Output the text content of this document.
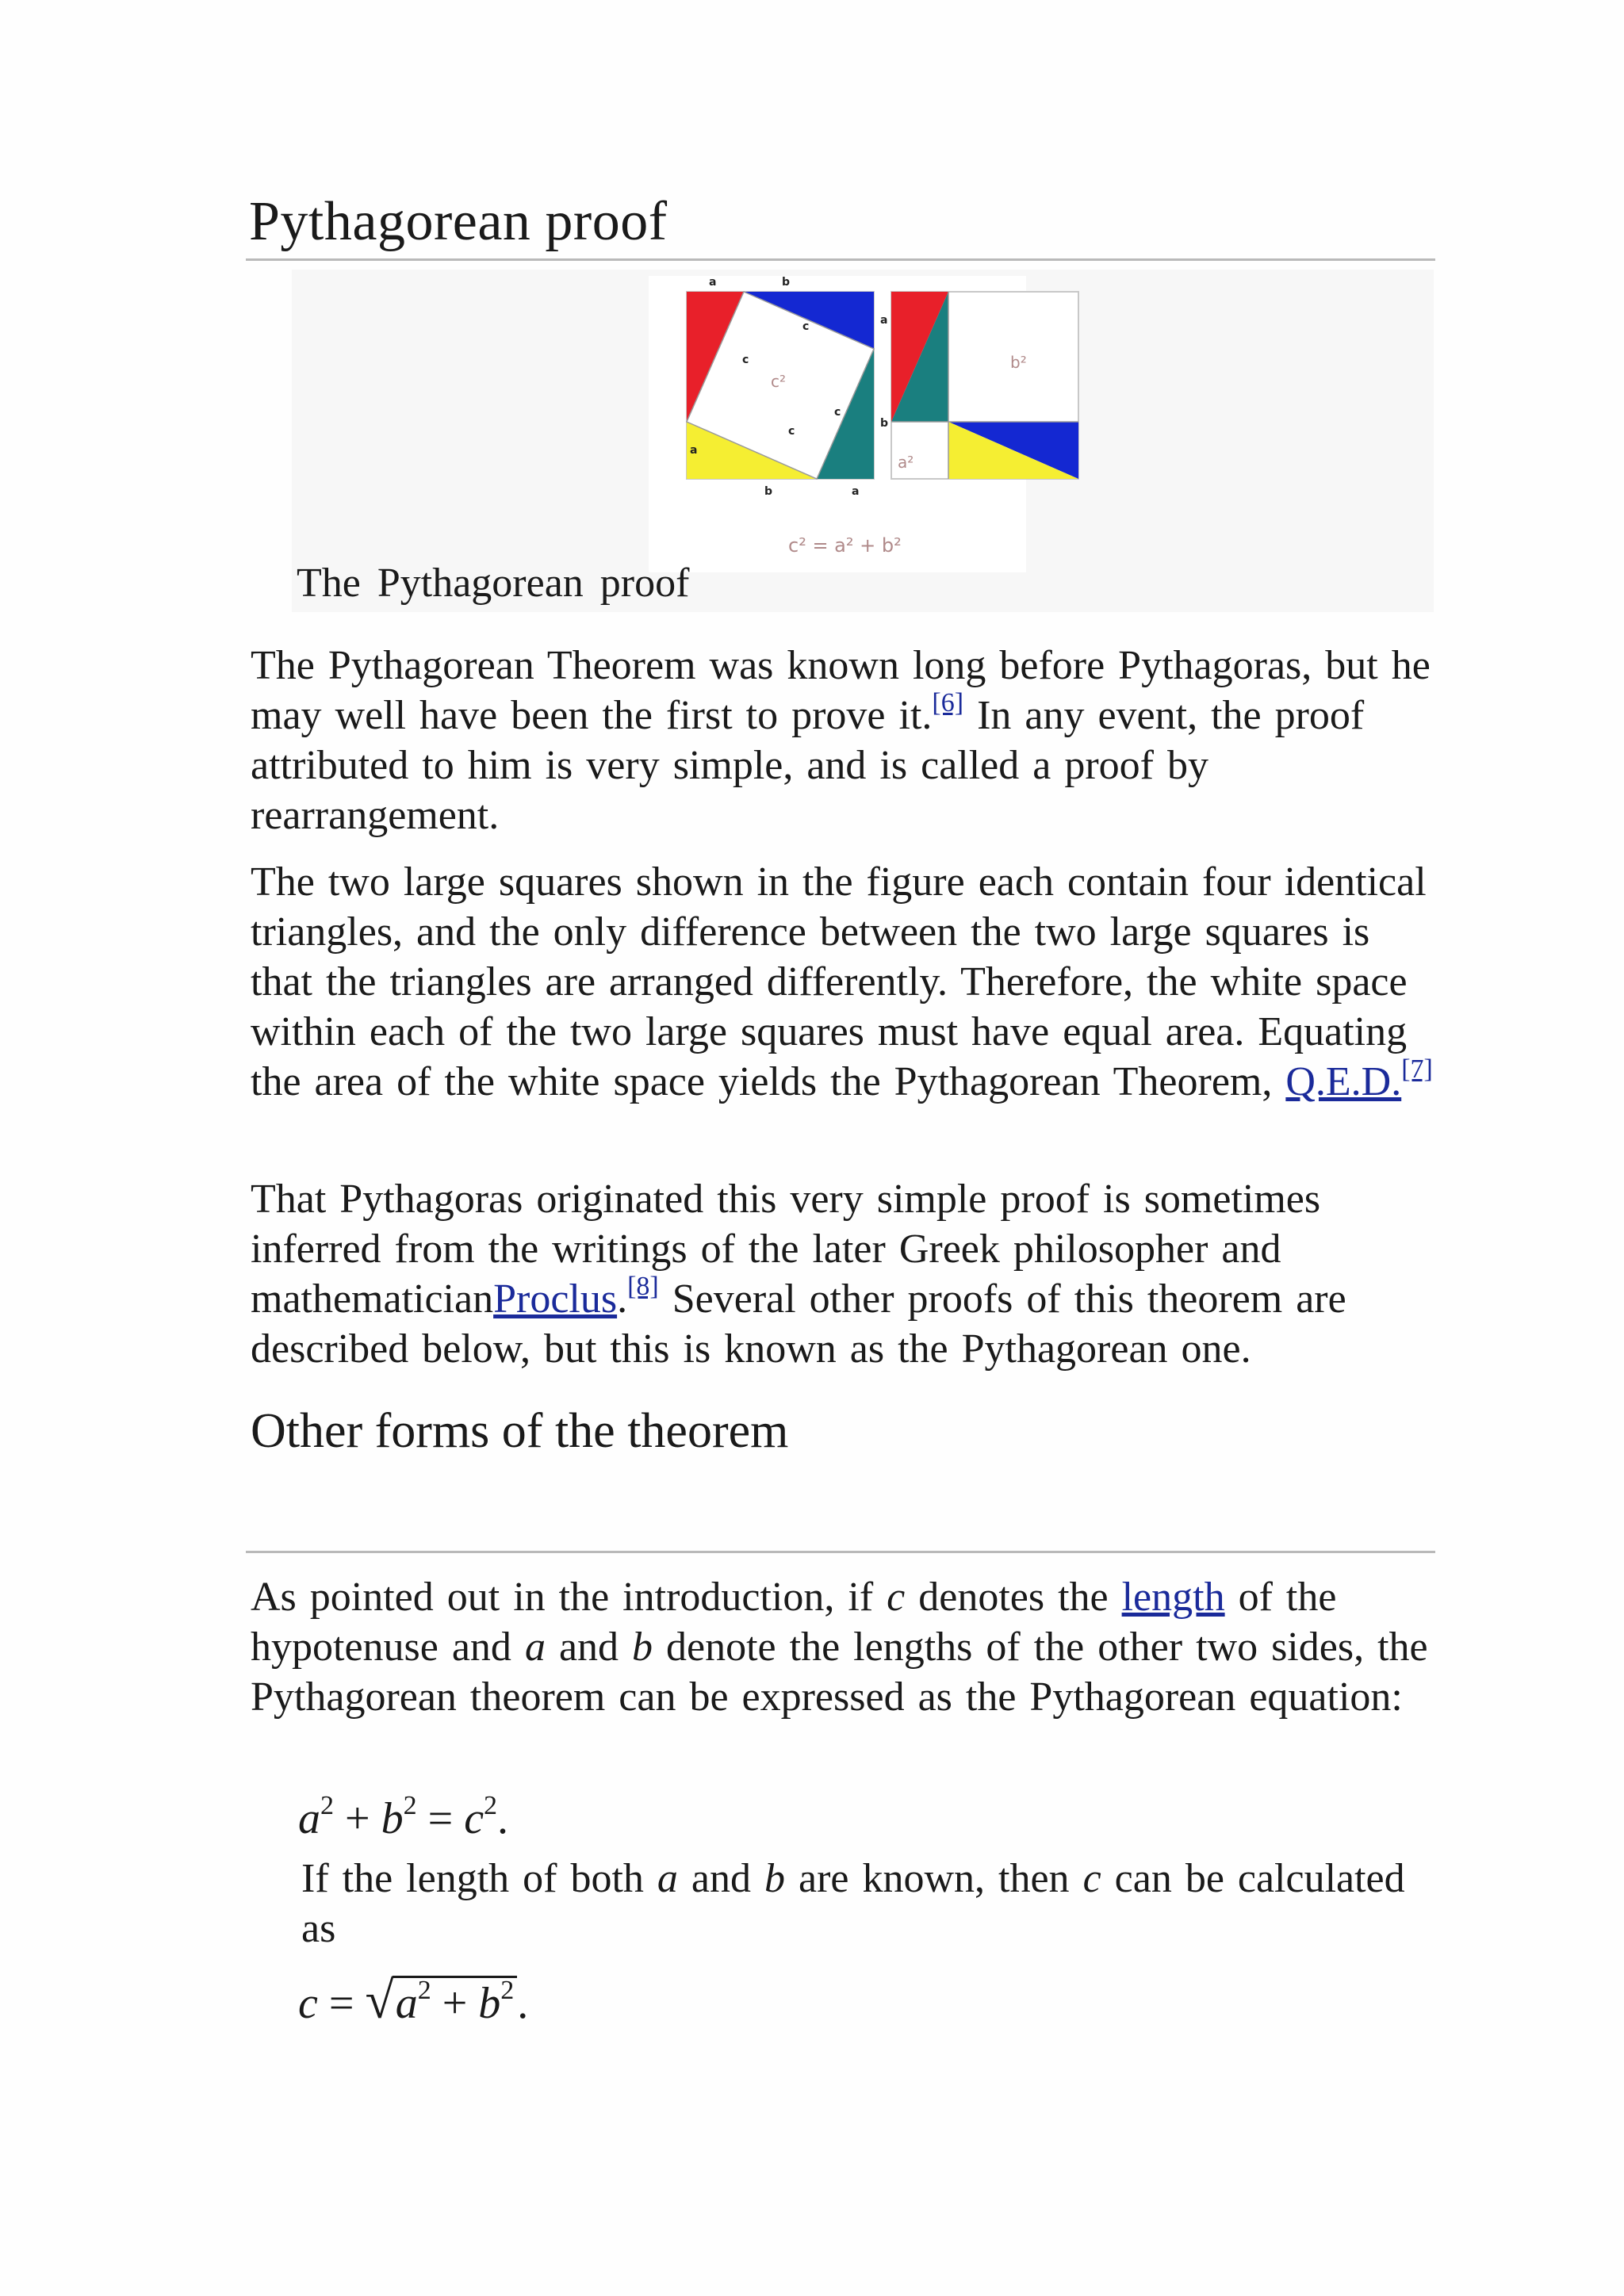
Pythagorean proof
a	b
a
b
a
b	a
c
c
c
c
c²
b²
a²
c² = a² + b²
The Pythagorean proof

The Pythagorean Theorem was known long before Pythagoras, but he may well have been the first to prove it.[6] In any event, the proof attributed to him is very simple, and is called a proof by rearrangement.

The two large squares shown in the figure each contain four identical triangles, and the only difference between the two large squares is that the triangles are arranged differently. Therefore, the white space within each of the two large squares must have equal area. Equating the area of the white space yields the Pythagorean Theorem, Q.E.D.[7]

That Pythagoras originated this very simple proof is sometimes inferred from the writings of the later Greek philosopher and mathematicianProclus.[8] Several other proofs of this theorem are described below, but this is known as the Pythagorean one.

Other forms of the theorem

As pointed out in the introduction, if c denotes the length of the hypotenuse and a and b denote the lengths of the other two sides, the Pythagorean theorem can be expressed as the Pythagorean equation:

$a^2 + b^2 = c^2$.

If the length of both a and b are known, then c can be calculated as

$c = √a^2 + b^2$.
